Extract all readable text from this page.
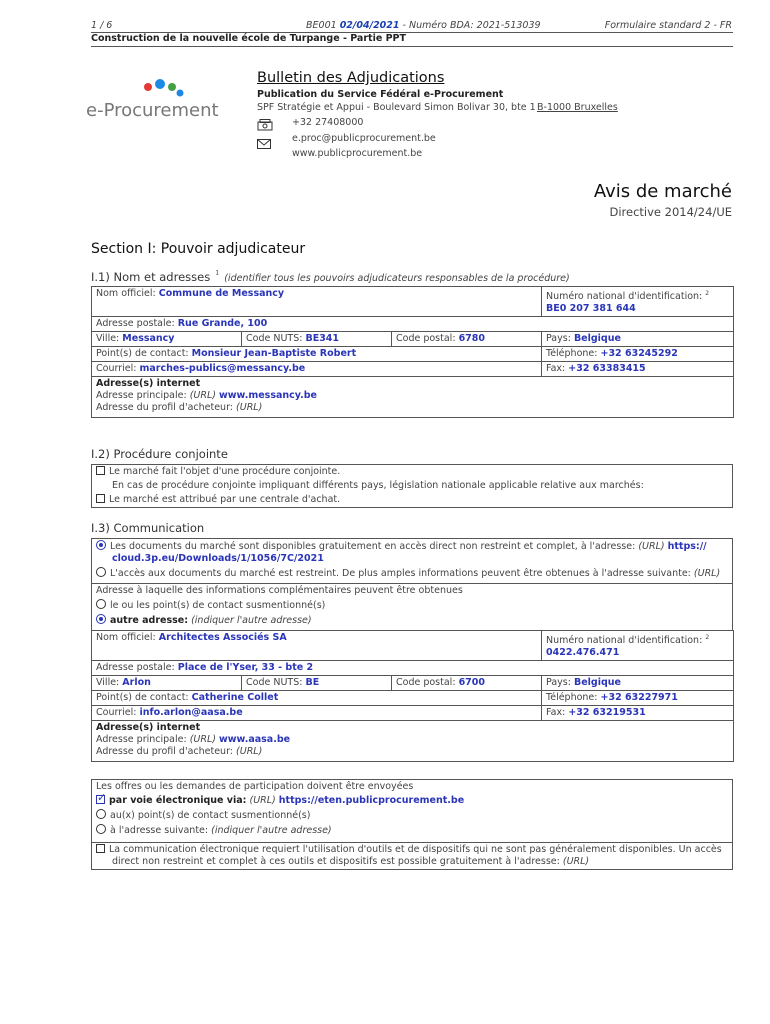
1 / 6	BE001 02/04/2021 - Numéro BDA: 2021-513039	Formulaire standard 2 - FR
Construction de la nouvelle école de Turpange - Partie PPT
e-Procurement
Bulletin des Adjudications
Publication du Service Fédéral e-Procurement
SPF Stratégie et Appui - Boulevard Simon Bolivar 30, bte 1 B-1000 Bruxelles
+32 27408000
e.proc@publicprocurement.be
www.publicprocurement.be
Avis de marché
Directive 2014/24/UE
Section I: Pouvoir adjudicateur
I.1) Nom et adresses $^1$ (identifier tous les pouvoirs adjudicateurs responsables de la procédure)
Nom officiel: Commune de Messancy			Numéro national d'identification: $^2$ BE0 207 381 644
Adresse postale: Rue Grande, 100			
Ville: Messancy	Code NUTS: BE341	Code postal: 6780	Pays: Belgique
Point(s) de contact: Monsieur Jean-Baptiste Robert			Téléphone: +32 63245292
Courriel: marches-publics@messancy.be			Fax: +32 63383415

Adresse(s) internet
Adresse principale: (URL) www.messancy.be
Adresse du profil d'acheteur: (URL)			
I.2) Procédure conjointe
Le marché fait l'objet d'une procédure conjointe.
En cas de procédure conjointe impliquant différents pays, législation nationale applicable relative aux marchés:
Le marché est attribué par une centrale d'achat.
I.3) Communication
Les documents du marché sont disponibles gratuitement en accès direct non restreint et complet, à l'adresse: (URL) https:// cloud.3p.eu/Downloads/1/1056/7C/2021
L'accès aux documents du marché est restreint. De plus amples informations peuvent être obtenues à l'adresse suivante: (URL)
Adresse à laquelle des informations complémentaires peuvent être obtenues
le ou les point(s) de contact susmentionné(s)
autre adresse: (indiquer l'autre adresse)
Nom officiel: Architectes Associés SA			Numéro national d'identification: $^2$ 0422.476.471
Adresse postale: Place de l'Yser, 33 - bte 2			
Ville: Arlon	Code NUTS: BE	Code postal: 6700	Pays: Belgique
Point(s) de contact: Catherine Collet			Téléphone: +32 63227971
Courriel: info.arlon@aasa.be			Fax: +32 63219531

Adresse(s) internet
Adresse principale: (URL) www.aasa.be
Adresse du profil d'acheteur: (URL)			
Les offres ou les demandes de participation doivent être envoyées
✓par voie électronique via: (URL) https://eten.publicprocurement.be
au(x) point(s) de contact susmentionné(s)
à l'adresse suivante: (indiquer l'autre adresse)
La communication électronique requiert l'utilisation d'outils et de dispositifs qui ne sont pas généralement disponibles. Un accès direct non restreint et complet à ces outils et dispositifs est possible gratuitement à l'adresse: (URL)
